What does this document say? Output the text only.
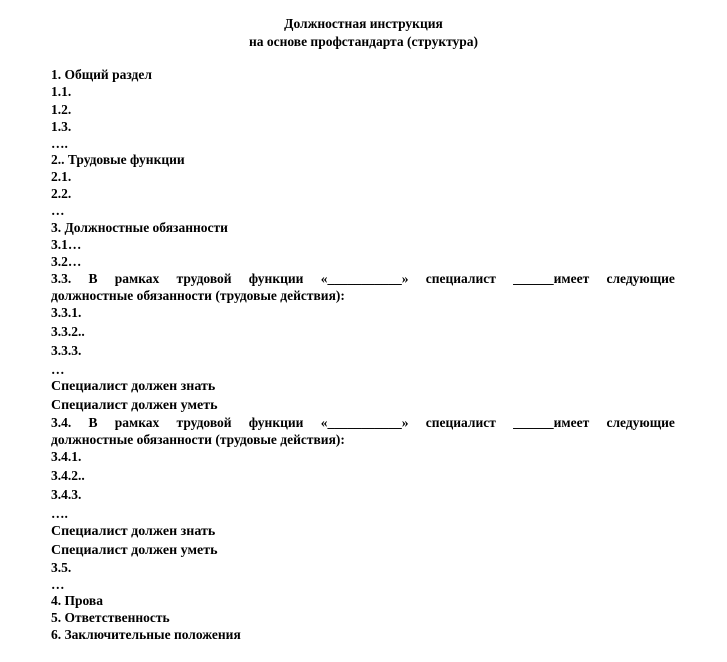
Должностная инструкция
на основе профстандарта (структура)
1. Общий раздел
1.1.
1.2.
1.3.
….
2.. Трудовые функции
2.1.
2.2.
…
3. Должностные обязанности
3.1…
3.2…
3.3. В рамках трудовой функции «___________» специалист ______имеет следующие
должностные обязанности (трудовые действия):
3.3.1.
3.3.2..
3.3.3.
…
Специалист должен знать
Специалист должен уметь
3.4. В рамках трудовой функции «___________» специалист ______имеет следующие
должностные обязанности (трудовые действия):
3.4.1.
3.4.2..
3.4.3.
….
Специалист должен знать
Специалист должен уметь
3.5.
…
4. Прова
5. Ответственность
6. Заключительные положения
